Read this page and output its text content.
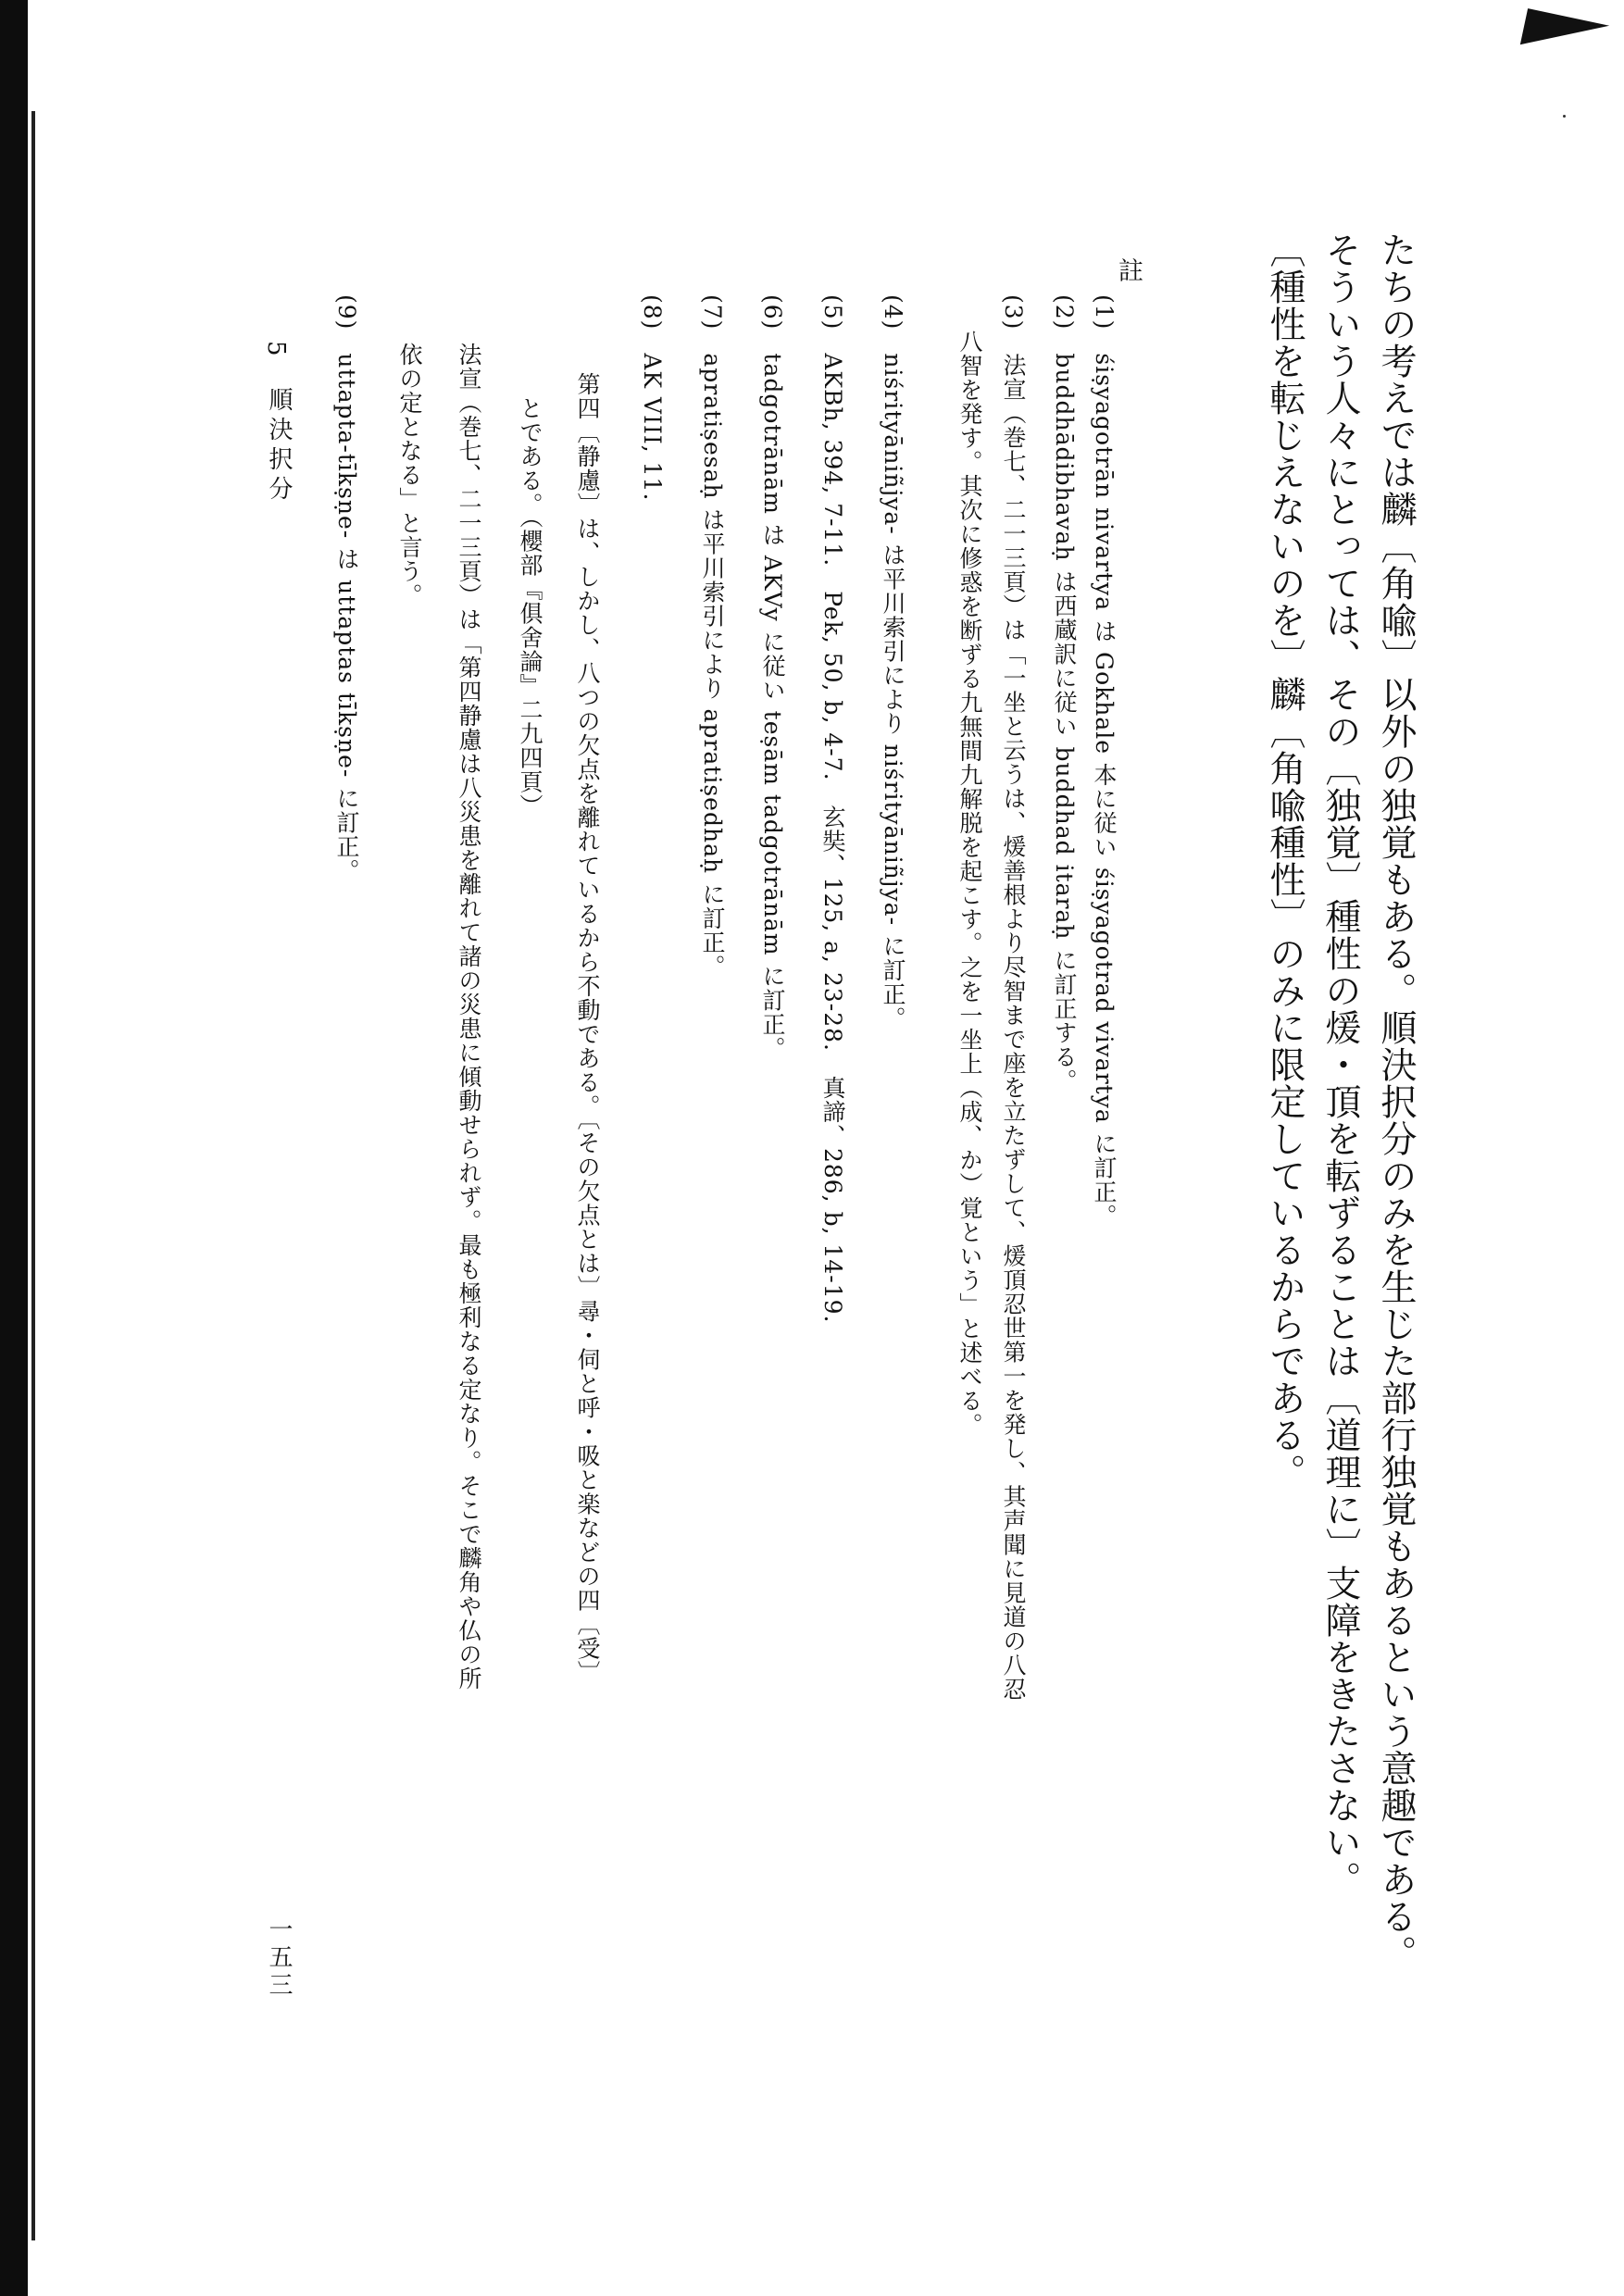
たちの考えでは麟〔角喩〕以外の独覚もある。順決択分のみを生じた部行独覚もあるという意趣である。
そういう人々にとっては、その〔独覚〕種性の煖・頂を転ずることは〔道理に〕支障をきたさない。
〔種性を転じえないのを〕麟〔角喩種性〕のみに限定しているからである。
註
(1) śiṣyagotrān nivartya は Gokhale 本に従い śiṣyagotrad vivartya に訂正。
(2) buddhādibhavaḥ は西蔵訳に従い buddhad itaraḥ に訂正する。
(3) 法宣（巻七、二一三頁）は「一坐と云うは、煖善根より尽智まで座を立たずして、煖頂忍世第一を発し、其声聞に見道の八忍
八智を発す。其次に修惑を断ずる九無間九解脱を起こす。之を一坐上（成、か）覚という」と述べる。
(4) niśrityāniñjya- は平川索引により niśrityāniñjya- に訂正。
(5) AKBh, 394, 7-11.　Pek, 50, b, 4-7.　玄奘、125, a, 23-28.　真諦、286, b, 14-19.
(6) tadgotrānām は AKVy に従い teṣām tadgotrānām に訂正。
(7) apratiṣesaḥ は平川索引により apratiṣedhaḥ に訂正。
(8) AK VIII, 11.
第四〔静慮〕は、しかし、八つの欠点を離れているから不動である。〔その欠点とは〕尋・伺と呼・吸と楽などの四〔受〕
とである。（櫻部『俱舍論』二九四頁）
法宣（巻七、二一三頁）は「第四静慮は八災患を離れて諸の災患に傾動せられず。最も極利なる定なり。そこで麟角や仏の所
依の定となる」と言う。
(9) uttapta-tīkṣṇe- は uttaptas tīkṣṇe- に訂正。
5
順決択分
一五三
